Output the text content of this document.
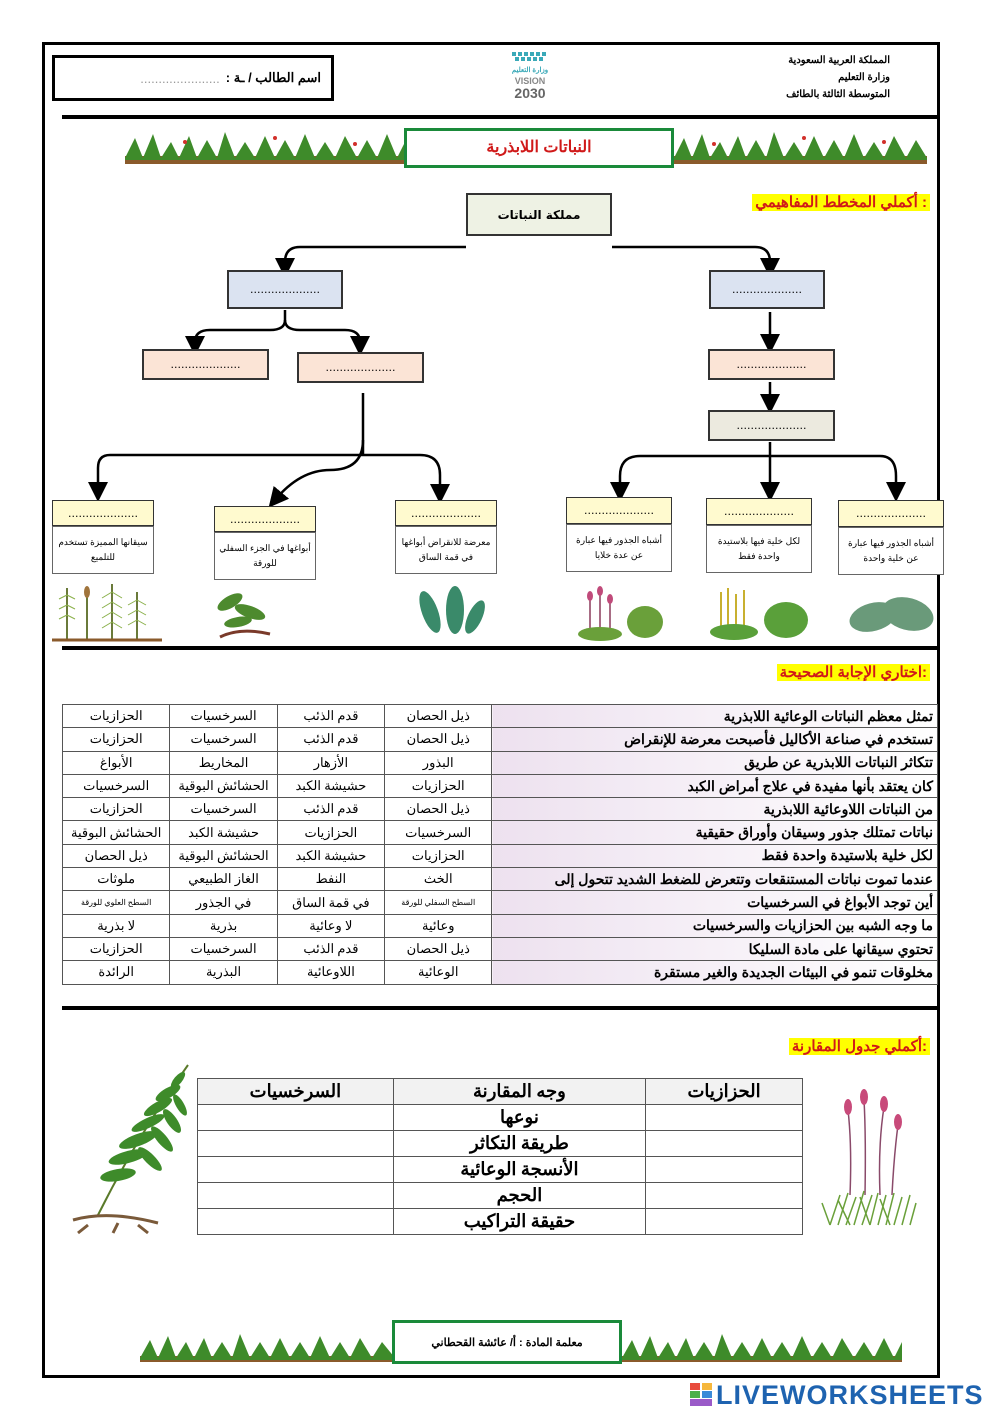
المملكة العربية السعودية
وزارة التعليم
المتوسطة الثالثة بالطائف
وزارة التعليم
VISION
2030
اسم الطالب / ـة :
......................
النباتات اللابذرية
أكملي المخطط المفاهيمي :
مملكة النباتات
....................	....................
....................	....................	....................
....................
....................	....................	....................	....................	....................	....................
سيقانها المميزة تستخدم للتلميع
أبواغها في الجزء السفلي للورقة
معرضة للانقراض أبواغها في قمة الساق
أشباه الجذور فيها عبارة عن عدة خلايا
لكل خلية فيها بلاستيدة واحدة فقط
أشباه الجذور فيها عبارة عن خلية واحدة
اختاري الإجابة الصحيحة:
تمثل معظم النباتات الوعائية اللابذرية	ذيل الحصان	قدم الذئب	السرخسيات	الحزازيات
تستخدم في صناعة الأكاليل فأصبحت معرضة للإنقراض	ذيل الحصان	قدم الذئب	السرخسيات	الحزازيات
تتكاثر النباتات اللابذرية عن طريق	البذور	الأزهار	المخاريط	الأبواغ
كان يعتقد بأنها مفيدة في علاج أمراض الكبد	الحزازيات	حشيشة الكبد	الحشائش البوقية	السرخسيات
من النباتات اللاوعائية اللابذرية	ذيل الحصان	قدم الذئب	السرخسيات	الحزازيات
نباتات تمتلك جذور وسيقان وأوراق حقيقية	السرخسيات	الحزازيات	حشيشة الكبد	الحشائش البوقية
لكل خلية بلاستيدة واحدة فقط	الحزازيات	حشيشة الكبد	الحشائش البوقية	ذيل الحصان
عندما تموت نباتات المستنقعات وتتعرض للضغط الشديد تتحول إلى	الخث	النفط	الغاز الطبيعي	ملوثات
أين توجد الأبواغ في السرخسيات	السطح السفلي للورقة	في قمة الساق	في الجذور	السطح العلوي للورقة
ما وجه الشبه بين الحزازيات والسرخسيات	وعائية	لا وعائية	بذرية	لا بذرية
تحتوي سيقانها على مادة السليكا	ذيل الحصان	قدم الذئب	السرخسيات	الحزازيات
مخلوقات تنمو في البيئات الجديدة والغير مستقرة	الوعائية	اللاوعائية	البذرية	الرائدة
أكملي جدول المقارنة:
الحزازيات	وجه المقارنة	السرخسيات
	نوعها	
	طريقة التكاثر	
	الأنسجة الوعائية	
	الحجم	
	حقيقة التراكيب	
معلمة المادة : أ/ عائشة القحطاني
LIVEWORKSHEETS
